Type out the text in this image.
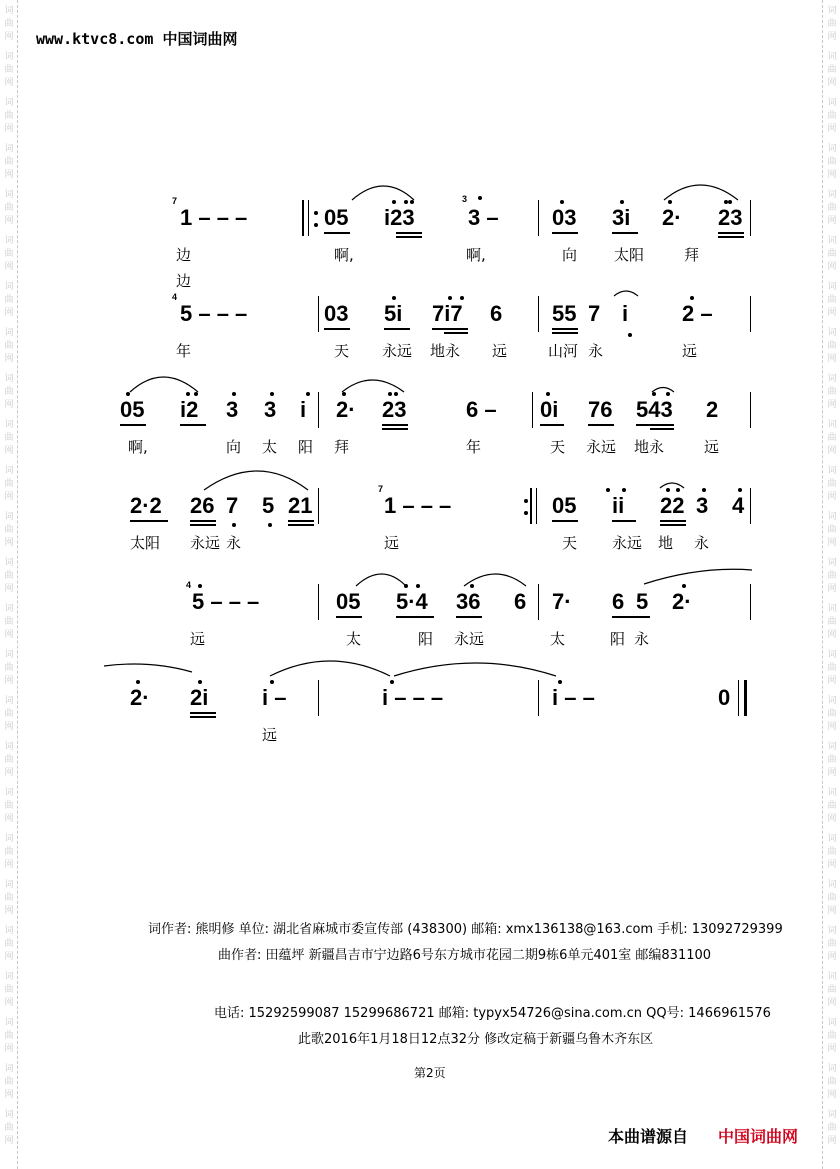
词
曲
网
词
曲
网
词
曲
网
词
曲
网
词
曲
网
词
曲
网
词
曲
网
词
曲
网
词
曲
网
词
曲
网
词
曲
网
词
曲
网
词
曲
网
词
曲
网
词
曲
网
词
曲
网
词
曲
网
词
曲
网
词
曲
网
词
曲
网
词
曲
网
词
曲
网
词
曲
网
词
曲
网
词
曲
网
词
曲
网
词
曲
网
词
曲
网
词
曲
网
词
曲
网
词
曲
网
词
曲
网
词
曲
网
词
曲
网
词
曲
网
词
曲
网
词
曲
网
词
曲
网
词
曲
网
词
曲
网
词
曲
网
词
曲
网
词
曲
网
词
曲
网
词
曲
网
词
曲
网
词
曲
网
词
曲
网
词
曲
网
词
曲
网
www.ktvc8.com 中国词曲网
7
1 – – –	05 i23
3
3 – 03 3i 2· 23
边	啊,	啊,	向 太阳	拜
边
4
5 – – –	03 5i 7i7 6 55 7 i 2 –
年	天 永远 地永 远	山河 永	远
05 i2 3 3 i 2· 23	6 – 0i 76 543 2
啊,	向 太 阳 拜	年	天 永远 地永	远
2·2 26 7 5 21
7
1 – – –	05 ii 22 3 4
太阳 永远 永	远	天 永远 地 永
4
5 – – –	05 5·4 36 6 7· 6 5 2·
远	太	阳 永远	太	阳 永
2· 2i i –	i – – –	i – –	0
远
词作者: 熊明修 单位: 湖北省麻城市委宣传部 (438300) 邮箱: xmx136138@163.com 手机: 13092729399
曲作者: 田蕴坪 新疆昌吉市宁边路6号东方城市花园二期9栋6单元401室 邮编831100
电话: 15292599087 15299686721 邮箱: typyx54726@sina.com.cn QQ号: 1466961576
此歌2016年1月18日12点32分 修改定稿于新疆乌鲁木齐东区
第2页
本曲谱源自 中国词曲网
